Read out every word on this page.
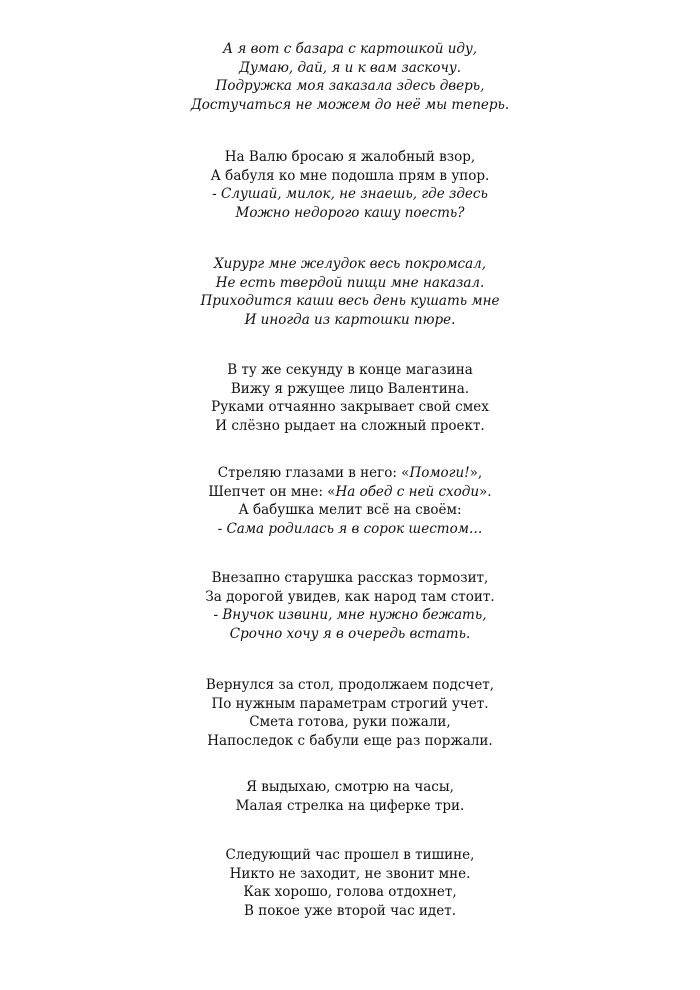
А я вот с базара с картошкой иду,
Думаю, дай, я и к вам заскочу.
Подружка моя заказала здесь дверь,
Достучаться не можем до неё мы теперь.
На Валю бросаю я жалобный взор,
А бабуля ко мне подошла прям в упор.
- Слушай, милок, не знаешь, где здесь
Можно недорого кашу поесть?
Хирург мне желудок весь покромсал,
Не есть твердой пищи мне наказал.
Приходится каши весь день кушать мне
И иногда из картошки пюре.
В ту же секунду в конце магазина
Вижу я ржущее лицо Валентина.
Руками отчаянно закрывает свой смех
И слёзно рыдает на сложный проект.
Стреляю глазами в него: «Помоги!»,
Шепчет он мне: «На обед с ней сходи».
А бабушка мелит всё на своём:
- Сама родилась я в сорок шестом…
Внезапно старушка рассказ тормозит,
За дорогой увидев, как народ там стоит.
- Внучок извини, мне нужно бежать,
Срочно хочу я в очередь встать.
Вернулся за стол, продолжаем подсчет,
По нужным параметрам строгий учет.
Смета готова, руки пожали,
Напоследок с бабули еще раз поржали.
Я выдыхаю, смотрю на часы,
Малая стрелка на циферке три.
Следующий час прошел в тишине,
Никто не заходит, не звонит мне.
Как хорошо, голова отдохнет,
В покое уже второй час идет.
